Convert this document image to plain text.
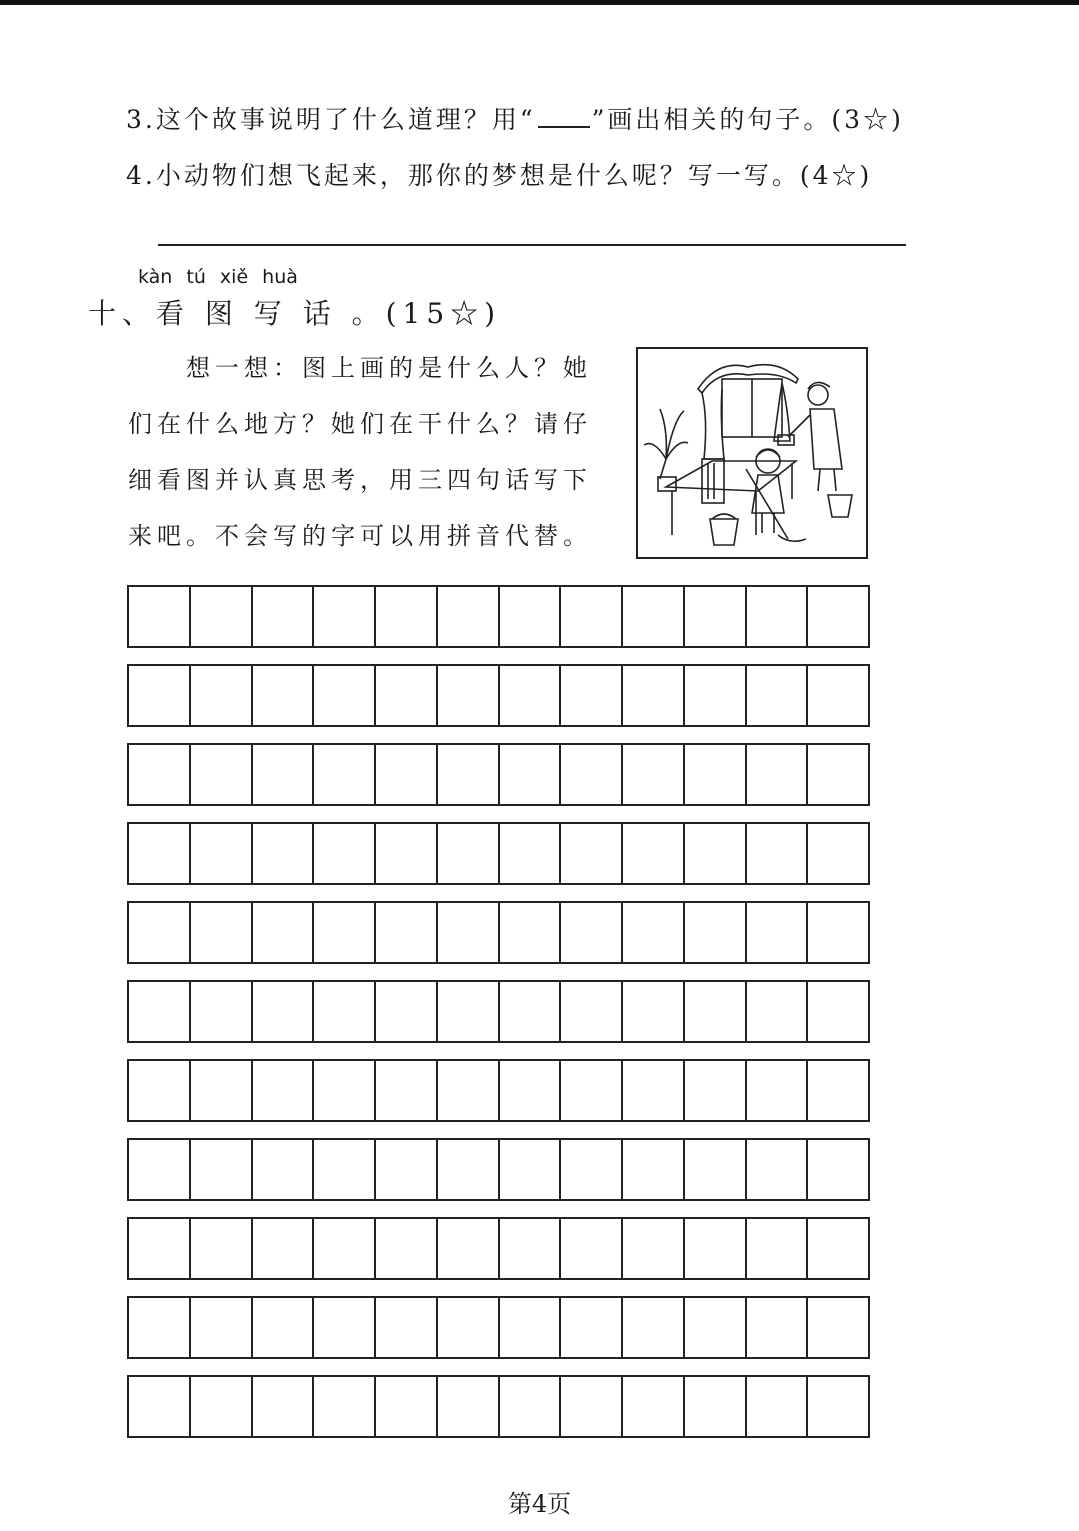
3.这个故事说明了什么道理？用“ ”画出相关的句子。(3☆)
4.小动物们想飞起来，那你的梦想是什么呢？写一写。(4☆)
kàn tú xiě huà
十、看 图 写 话 。(15☆)
想一想：图上画的是什么人？她们在什么地方？她们在干什么？请仔细看图并认真思考，用三四句话写下来吧。不会写的字可以用拼音代替。
第4页
